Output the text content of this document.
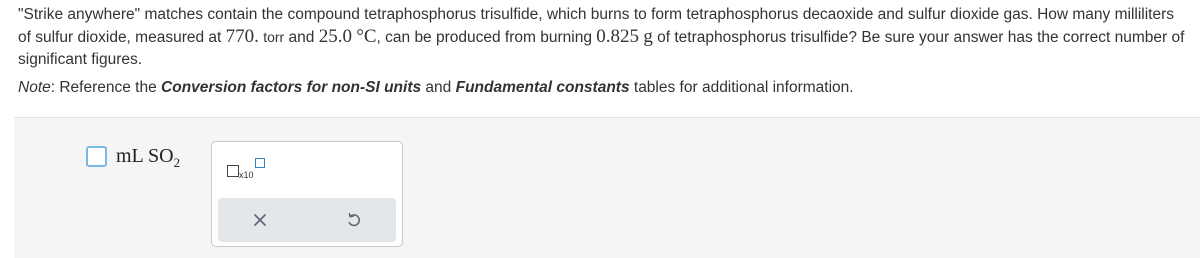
"Strike anywhere" matches contain the compound tetraphosphorus trisulfide, which burns to form tetraphosphorus decaoxide and sulfur dioxide gas. How many milliliters of sulfur dioxide, measured at 770. torr and 25.0 °C, can be produced from burning 0.825 g of tetraphosphorus trisulfide? Be sure your answer has the correct number of significant figures.
Note: Reference the Conversion factors for non-SI units and Fundamental constants tables for additional information.
mL $SO_2$
x10
